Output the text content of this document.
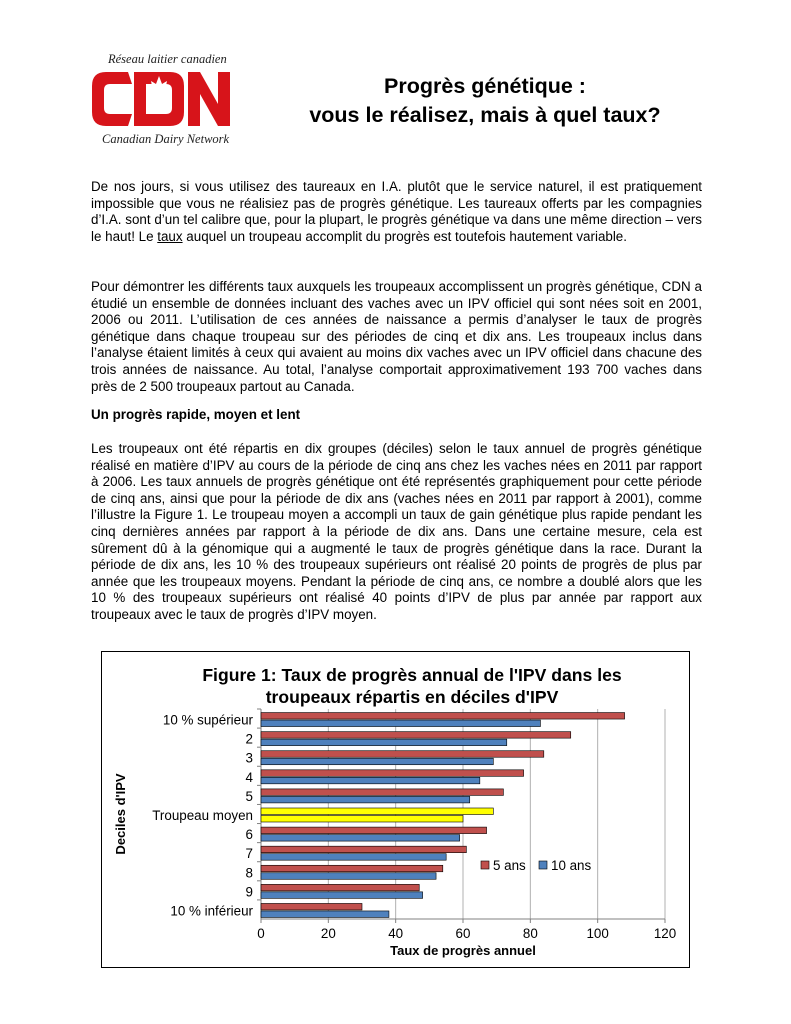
Réseau laitier canadien
Canadian Dairy Network
Progrès génétique :
vous le réalisez, mais à quel taux?

De nos jours, si vous utilisez des taureaux en I.A. plutôt que le service naturel, il est pratiquement impossible que vous ne réalisiez pas de progrès génétique. Les taureaux offerts par les compagnies d’I.A. sont d’un tel calibre que, pour la plupart, le progrès génétique va dans une même direction – vers le haut! Le taux auquel un troupeau accomplit du progrès est toutefois hautement variable.

Pour démontrer les différents taux auxquels les troupeaux accomplissent un progrès génétique, CDN a étudié un ensemble de données incluant des vaches avec un IPV officiel qui sont nées soit en 2001, 2006 ou 2011. L’utilisation de ces années de naissance a permis d’analyser le taux de progrès génétique dans chaque troupeau sur des périodes de cinq et dix ans. Les troupeaux inclus dans l’analyse étaient limités à ceux qui avaient au moins dix vaches avec un IPV officiel dans chacune des trois années de naissance. Au total, l’analyse comportait approximativement 193 700 vaches dans près de 2 500 troupeaux partout au Canada.

Un progrès rapide, moyen et lent

Les troupeaux ont été répartis en dix groupes (déciles) selon le taux annuel de progrès génétique réalisé en matière d’IPV au cours de la période de cinq ans chez les vaches nées en 2011 par rapport à 2006. Les taux annuels de progrès génétique ont été représentés graphiquement pour cette période de cinq ans, ainsi que pour la période de dix ans (vaches nées en 2011 par rapport à 2001), comme l’illustre la Figure 1. Le troupeau moyen a accompli un taux de gain génétique plus rapide pendant les cinq dernières années par rapport à la période de dix ans. Dans une certaine mesure, cela est sûrement dû à la génomique qui a augmenté le taux de progrès génétique dans la race. Durant la période de dix ans, les 10 % des troupeaux supérieurs ont réalisé 20 points de progrès de plus par année que les troupeaux moyens. Pendant la période de cinq ans, ce nombre a doublé alors que les 10 % des troupeaux supérieurs ont réalisé 40 points d’IPV de plus par année par rapport aux troupeaux avec le taux de progrès d’IPV moyen.

Figure 1: Taux de progrès annual de l'IPV dans les
troupeaux répartis en déciles d'IPV
0	20	40	60	80	100	120
10 % supérieur
2
3
4
5
Troupeau moyen
6
7
8
9
10 % inférieur
Taux de progrès annuel
Deciles d'IPV
5 ans 10 ans
